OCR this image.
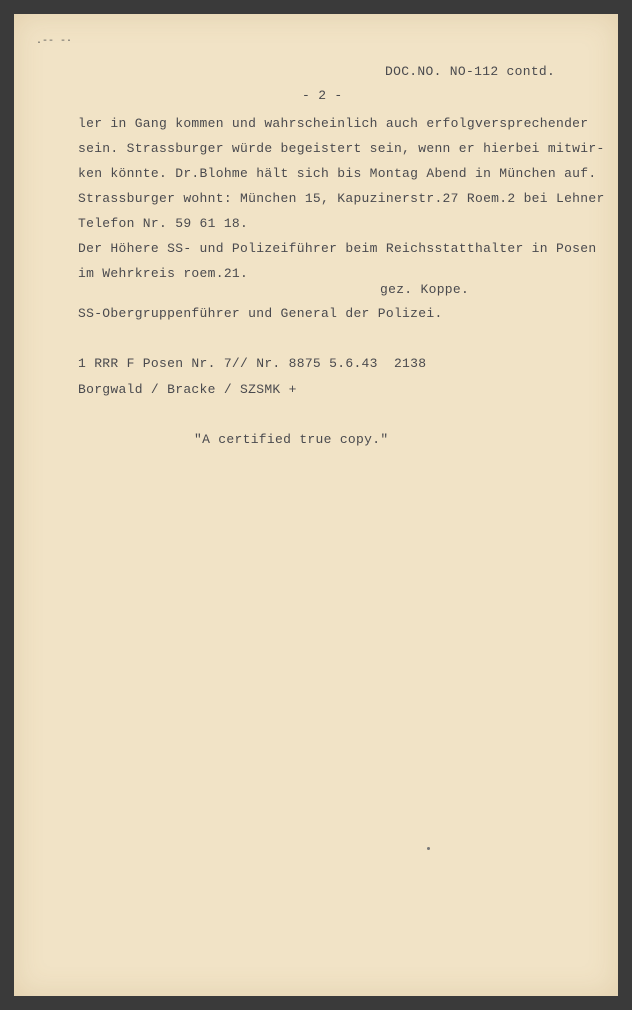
.-- -·
DOC.NO. NO-112 contd.
- 2 -
ler in Gang kommen und wahrscheinlich auch erfolgversprechender
sein. Strassburger würde begeistert sein, wenn er hierbei mitwir-
ken könnte. Dr.Blohme hält sich bis Montag Abend in München auf.
Strassburger wohnt: München 15, Kapuzinerstr.27 Roem.2 bei Lehner
Telefon Nr. 59 61 18.
Der Höhere SS- und Polizeiführer beim Reichsstatthalter in Posen
im Wehrkreis roem.21.
gez. Koppe.
SS-Obergruppenführer und General der Polizei.
1 RRR F Posen Nr. 7// Nr. 8875 5.6.43  2138
Borgwald / Bracke / SZSMK +
"A certified true copy."
